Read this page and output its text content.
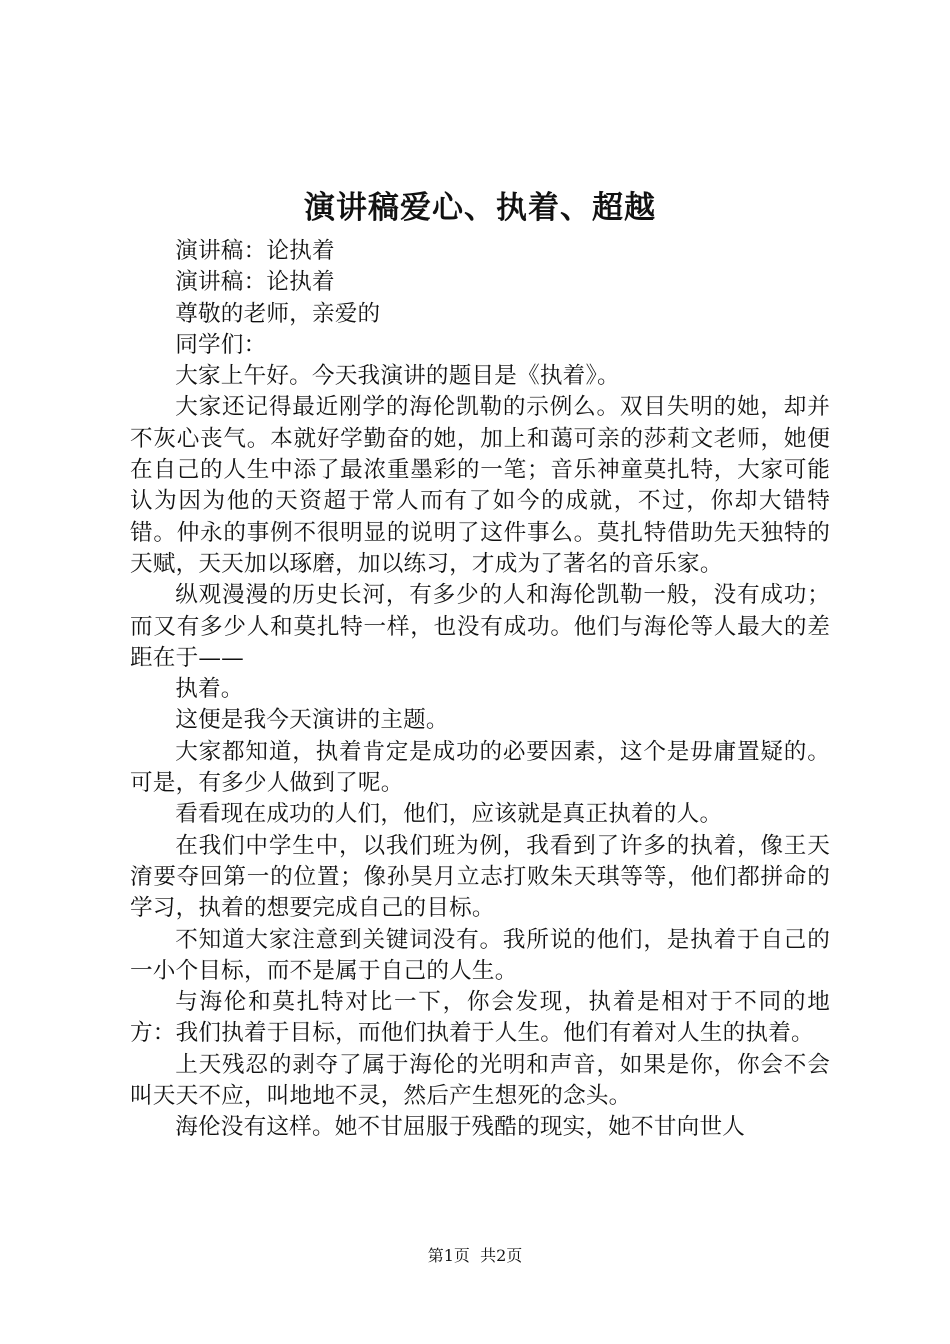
演讲稿爱心、执着、超越

演讲稿：论执着

演讲稿：论执着

尊敬的老师，亲爱的

同学们：

大家上午好。今天我演讲的题目是《执着》。

大家还记得最近刚学的海伦凯勒的示例么。双目失明的她，却并不灰心丧气。本就好学勤奋的她，加上和蔼可亲的莎莉文老师，她便在自己的人生中添了最浓重墨彩的一笔；音乐神童莫扎特，大家可能认为因为他的天资超于常人而有了如今的成就，不过，你却大错特错。仲永的事例不很明显的说明了这件事么。莫扎特借助先天独特的天赋，天天加以琢磨，加以练习，才成为了著名的音乐家。

纵观漫漫的历史长河，有多少的人和海伦凯勒一般，没有成功；而又有多少人和莫扎特一样，也没有成功。他们与海伦等人最大的差距在于——

执着。

这便是我今天演讲的主题。

大家都知道，执着肯定是成功的必要因素，这个是毋庸置疑的。可是，有多少人做到了呢。

看看现在成功的人们，他们，应该就是真正执着的人。

在我们中学生中，以我们班为例，我看到了许多的执着，像王天淯要夺回第一的位置；像孙昊月立志打败朱天琪等等，他们都拼命的学习，执着的想要完成自己的目标。

不知道大家注意到关键词没有。我所说的他们，是执着于自己的一小个目标，而不是属于自己的人生。

与海伦和莫扎特对比一下，你会发现，执着是相对于不同的地方：我们执着于目标，而他们执着于人生。他们有着对人生的执着。

上天残忍的剥夺了属于海伦的光明和声音，如果是你，你会不会叫天天不应，叫地地不灵，然后产生想死的念头。

海伦没有这样。她不甘屈服于残酷的现实，她不甘向世人

第1页 共2页
